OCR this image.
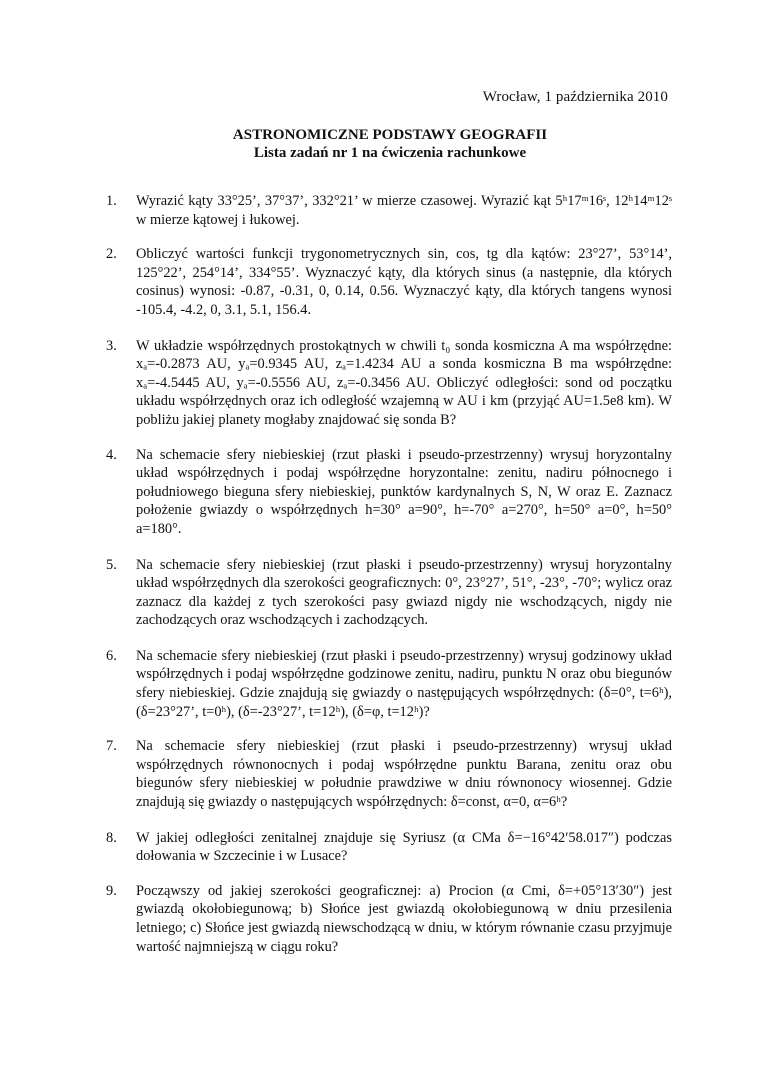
Wrocław, 1 października 2010
ASTRONOMICZNE PODSTAWY GEOGRAFII
Lista zadań nr 1 na ćwiczenia rachunkowe
1.	Wyrazić kąty 33°25’, 37°37’, 332°21’ w mierze czasowej. Wyrazić kąt 5ʰ17ᵐ16ˢ, 12ʰ14ᵐ12ˢ w mierze kątowej i łukowej.
2.	Obliczyć wartości funkcji trygonometrycznych sin, cos, tg dla kątów: 23°27’, 53°14’, 125°22’, 254°14’, 334°55’. Wyznaczyć kąty, dla których sinus (a następnie, dla których cosinus) wynosi: -0.87, -0.31, 0, 0.14, 0.56. Wyznaczyć kąty, dla których tangens wynosi -105.4, -4.2, 0, 3.1, 5.1, 156.4.
3.	W układzie współrzędnych prostokątnych w chwili t₀ sonda kosmiczna A ma współrzędne: xₐ=-0.2873 AU, yₐ=0.9345 AU, zₐ=1.4234 AU a sonda kosmiczna B ma współrzędne: xₐ=-4.5445 AU, yₐ=-0.5556 AU, zₐ=-0.3456 AU. Obliczyć odległości: sond od początku układu współrzędnych oraz ich odległość wzajemną w AU i km (przyjąć AU=1.5e8 km). W pobliżu jakiej planety mogłaby znajdować się sonda B?
4.	Na schemacie sfery niebieskiej (rzut płaski i pseudo-przestrzenny) wrysuj horyzontalny układ współrzędnych i podaj współrzędne horyzontalne: zenitu, nadiru północnego i południowego bieguna sfery niebieskiej, punktów kardynalnych S, N, W oraz E. Zaznacz położenie gwiazdy o współrzędnych h=30° a=90°, h=-70° a=270°, h=50° a=0°, h=50° a=180°.
5.	Na schemacie sfery niebieskiej (rzut płaski i pseudo-przestrzenny) wrysuj horyzontalny układ współrzędnych dla szerokości geograficznych: 0°, 23°27’, 51°, -23°, -70°; wylicz oraz zaznacz dla każdej z tych szerokości pasy gwiazd nigdy nie wschodzących, nigdy nie zachodzących oraz wschodzących i zachodzących.
6.	Na schemacie sfery niebieskiej (rzut płaski i pseudo-przestrzenny) wrysuj godzinowy układ współrzędnych i podaj współrzędne godzinowe zenitu, nadiru, punktu N oraz obu biegunów sfery niebieskiej. Gdzie znajdują się gwiazdy o następujących współrzędnych: (δ=0°, t=6ʰ), (δ=23°27’, t=0ʰ), (δ=-23°27’, t=12ʰ), (δ=φ, t=12ʰ)?
7.	Na schemacie sfery niebieskiej (rzut płaski i pseudo-przestrzenny) wrysuj układ współrzędnych równonocnych i podaj współrzędne punktu Barana, zenitu oraz obu biegunów sfery niebieskiej w południe prawdziwe w dniu równonocy wiosennej. Gdzie znajdują się gwiazdy o następujących współrzędnych: δ=const, α=0, α=6ʰ?
8.	W jakiej odległości zenitalnej znajduje się Syriusz (α CMa δ=−16°42′58.017″) podczas dołowania w Szczecinie i w Lusace?
9.	Począwszy od jakiej szerokości geograficznej: a) Procion (α Cmi, δ=+05°13′30″) jest gwiazdą okołobiegunową; b) Słońce jest gwiazdą okołobiegunową w dniu przesilenia letniego; c) Słońce jest gwiazdą niewschodzącą w dniu, w którym równanie czasu przyjmuje wartość najmniejszą w ciągu roku?
